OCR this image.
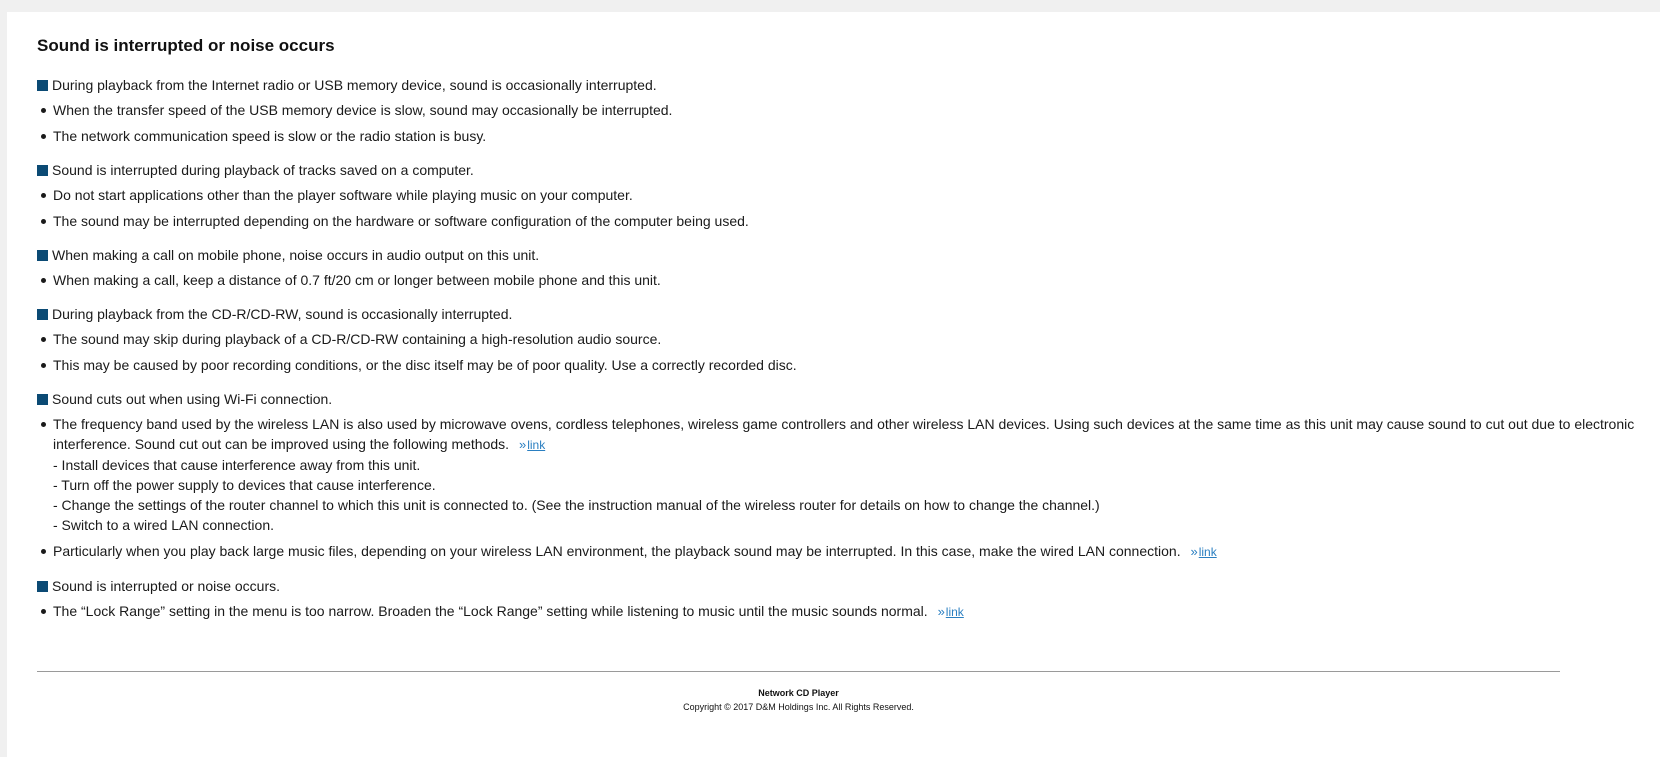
Sound is interrupted or noise occurs
During playback from the Internet radio or USB memory device, sound is occasionally interrupted.
When the transfer speed of the USB memory device is slow, sound may occasionally be interrupted.
The network communication speed is slow or the radio station is busy.
Sound is interrupted during playback of tracks saved on a computer.
Do not start applications other than the player software while playing music on your computer.
The sound may be interrupted depending on the hardware or software configuration of the computer being used.
When making a call on mobile phone, noise occurs in audio output on this unit.
When making a call, keep a distance of 0.7 ft/20 cm or longer between mobile phone and this unit.
During playback from the CD-R/CD-RW, sound is occasionally interrupted.
The sound may skip during playback of a CD-R/CD-RW containing a high-resolution audio source.
This may be caused by poor recording conditions, or the disc itself may be of poor quality. Use a correctly recorded disc.
Sound cuts out when using Wi-Fi connection.
The frequency band used by the wireless LAN is also used by microwave ovens, cordless telephones, wireless game controllers and other wireless LAN devices. Using such devices at the same time as this unit may cause sound to cut out due to electronic interference. Sound cut out can be improved using the following methods. »link
- Install devices that cause interference away from this unit.
- Turn off the power supply to devices that cause interference.
- Change the settings of the router channel to which this unit is connected to. (See the instruction manual of the wireless router for details on how to change the channel.)
- Switch to a wired LAN connection.
Particularly when you play back large music files, depending on your wireless LAN environment, the playback sound may be interrupted. In this case, make the wired LAN connection. »link
Sound is interrupted or noise occurs.
The “Lock Range” setting in the menu is too narrow. Broaden the “Lock Range” setting while listening to music until the music sounds normal. »link
Network CD Player
Copyright © 2017 D&M Holdings Inc. All Rights Reserved.
